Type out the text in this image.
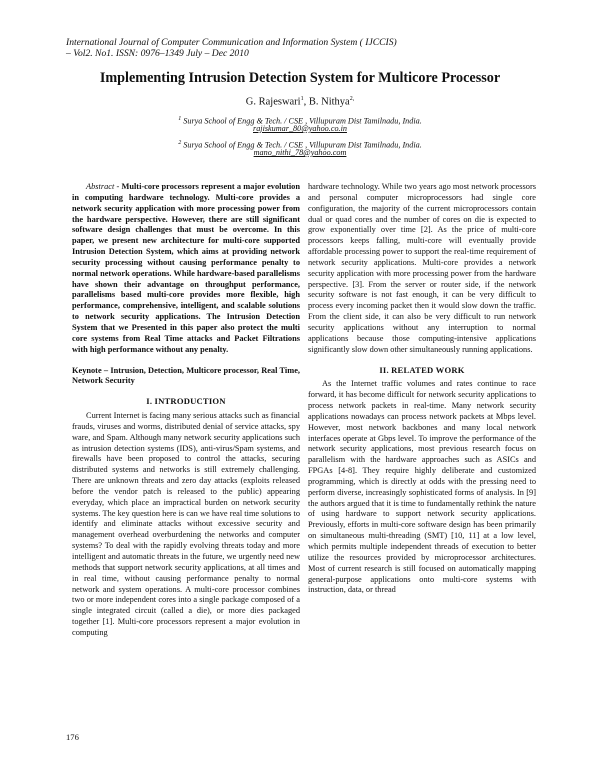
International Journal of Computer Communication and Information System ( IJCCIS)
– Vol2. No1. ISSN: 0976–1349 July – Dec 2010
Implementing Intrusion Detection System for Multicore Processor
G. Rajeswari$^1$, B. Nithya$^{2,}$
$^1$ Surya School of Engg & Tech. / CSE , Villupuram Dist Tamilnadu, India.
rajiskumar_80@yahoo.co.in
$^2$ Surya School of Engg & Tech. / CSE , Villupuram Dist Tamilnadu, India.
mano_nithi_78@yahoo.com

Abstract - Multi-core processors represent a major evolution in computing hardware technology. Multi-core provides a network security application with more processing power from the hardware perspective. However, there are still significant software design challenges that must be overcome. In this paper, we present new architecture for multi-core supported Intrusion Detection System, which aims at providing network security processing without causing performance penalty to normal network operations. While hardware-based parallelisms have shown their advantage on throughput performance, parallelisms based multi-core provides more flexible, high performance, comprehensive, intelligent, and scalable solutions to network security applications. The Intrusion Detection System that we Presented in this paper also protect the multi core systems from Real Time attacks and Packet Filtrations with high performance without any penalty.

Keynote – Intrusion, Detection, Multicore processor, Real Time, Network Security

I. INTRODUCTION

Current Internet is facing many serious attacks such as financial frauds, viruses and worms, distributed denial of service attacks, spy ware, and Spam. Although many network security applications such as intrusion detection systems (IDS), anti-virus/Spam systems, and firewalls have been proposed to control the attacks, securing distributed systems and networks is still extremely challenging. There are unknown threats and zero day attacks (exploits released before the vendor patch is released to the public) appearing everyday, which place an impractical burden on network security systems. The key question here is can we have real time solutions to identify and eliminate attacks without excessive security and management overhead overburdening the networks and computer systems? To deal with the rapidly evolving threats today and more intelligent and automatic threats in the future, we urgently need new methods that support network security applications, at all times and in real time, without causing performance penalty to normal network and system operations. A multi-core processor combines two or more independent cores into a single package composed of a single integrated circuit (called a die), or more dies packaged together [1]. Multi-core processors represent a major evolution in computing

hardware technology. While two years ago most network processors and personal computer microprocessors had single core configuration, the majority of the current microprocessors contain dual or quad cores and the number of cores on die is expected to grow exponentially over time [2]. As the price of multi-core processors keeps falling, multi-core will eventually provide affordable processing power to support the real-time requirement of network security applications. Multi-core provides a network security application with more processing power from the hardware perspective. [3]. From the server or router side, if the network security software is not fast enough, it can be very difficult to process every incoming packet then it would slow down the traffic. From the client side, it can also be very difficult to run network security applications without any interruption to normal applications because those computing-intensive applications significantly slow down other simultaneously running applications.

II. RELATED WORK

As the Internet traffic volumes and rates continue to race forward, it has become difficult for network security applications to process network packets in real-time. Many network security applications nowadays can process network packets at Mbps level. However, most network backbones and many local network interfaces operate at Gbps level. To improve the performance of the network security applications, most previous research focus on parallelism with the hardware approaches such as ASICs and FPGAs [4-8]. They require highly deliberate and customized programming, which is directly at odds with the pressing need to perform diverse, increasingly sophisticated forms of analysis. In [9] the authors argued that it is time to fundamentally rethink the nature of using hardware to support network security applications. Previously, efforts in multi-core software design has been primarily on simultaneous multi-threading (SMT) [10, 11] at a low level, which permits multiple independent threads of execution to better utilize the resources provided by microprocessor architectures. Most of current research is still focused on automatically mapping general-purpose applications onto multi-core systems with instruction, data, or thread

176
